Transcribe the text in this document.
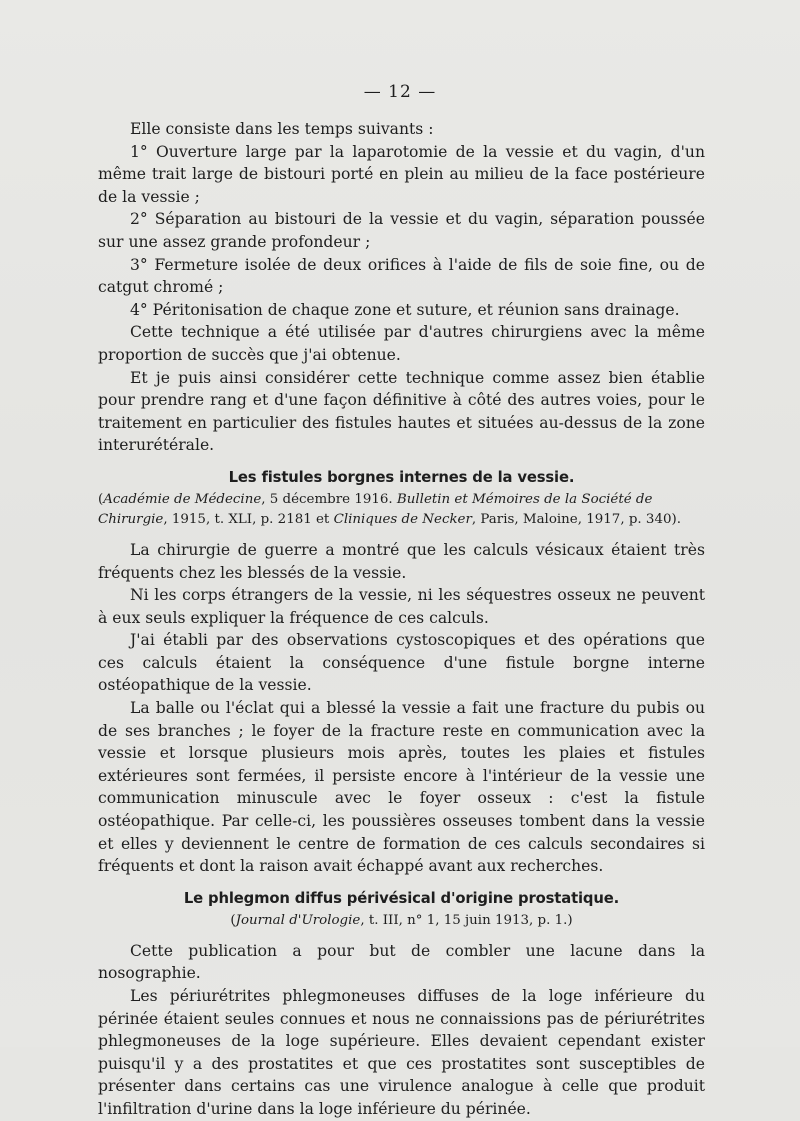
— 12 —

Elle consiste dans les temps suivants :

1° Ouverture large par la laparotomie de la vessie et du vagin, d'un même trait large de bistouri porté en plein au milieu de la face postérieure de la vessie ;

2° Séparation au bistouri de la vessie et du vagin, séparation poussée sur une assez grande profondeur ;

3° Fermeture isolée de deux orifices à l'aide de fils de soie fine, ou de catgut chromé ;

4° Péritonisation de chaque zone et suture, et réunion sans drainage.

Cette technique a été utilisée par d'autres chirurgiens avec la même proportion de succès que j'ai obtenue.

Et je puis ainsi considérer cette technique comme assez bien établie pour prendre rang et d'une façon définitive à côté des autres voies, pour le traitement en particulier des fistules hautes et situées au-dessus de la zone interurétérale.

Les fistules borgnes internes de la vessie.

(Académie de Médecine, 5 décembre 1916. Bulletin et Mémoires de la Société de Chirurgie, 1915, t. XLI, p. 2181 et Cliniques de Necker, Paris, Maloine, 1917, p. 340).

La chirurgie de guerre a montré que les calculs vésicaux étaient très fréquents chez les blessés de la vessie.

Ni les corps étrangers de la vessie, ni les séquestres osseux ne peuvent à eux seuls expliquer la fréquence de ces calculs.

J'ai établi par des observations cystoscopiques et des opérations que ces calculs étaient la conséquence d'une fistule borgne interne ostéopathique de la vessie.

La balle ou l'éclat qui a blessé la vessie a fait une fracture du pubis ou de ses branches ; le foyer de la fracture reste en communication avec la vessie et lorsque plusieurs mois après, toutes les plaies et fistules extérieures sont fermées, il persiste encore à l'intérieur de la vessie une communication minuscule avec le foyer osseux : c'est la fistule ostéopathique. Par celle-ci, les poussières osseuses tombent dans la vessie et elles y deviennent le centre de formation de ces calculs secondaires si fréquents et dont la raison avait échappé avant aux recherches.

Le phlegmon diffus périvésical d'origine prostatique.

(Journal d'Urologie, t. III, n° 1, 15 juin 1913, p. 1.)

Cette publication a pour but de combler une lacune dans la nosographie.

Les périurétrites phlegmoneuses diffuses de la loge inférieure du périnée étaient seules connues et nous ne connaissions pas de périurétrites phlegmoneuses de la loge supérieure. Elles devaient cependant exister puisqu'il y a des prostatites et que ces prostatites sont susceptibles de présenter dans certains cas une virulence analogue à celle que produit l'infiltration d'urine dans la loge inférieure du périnée.
